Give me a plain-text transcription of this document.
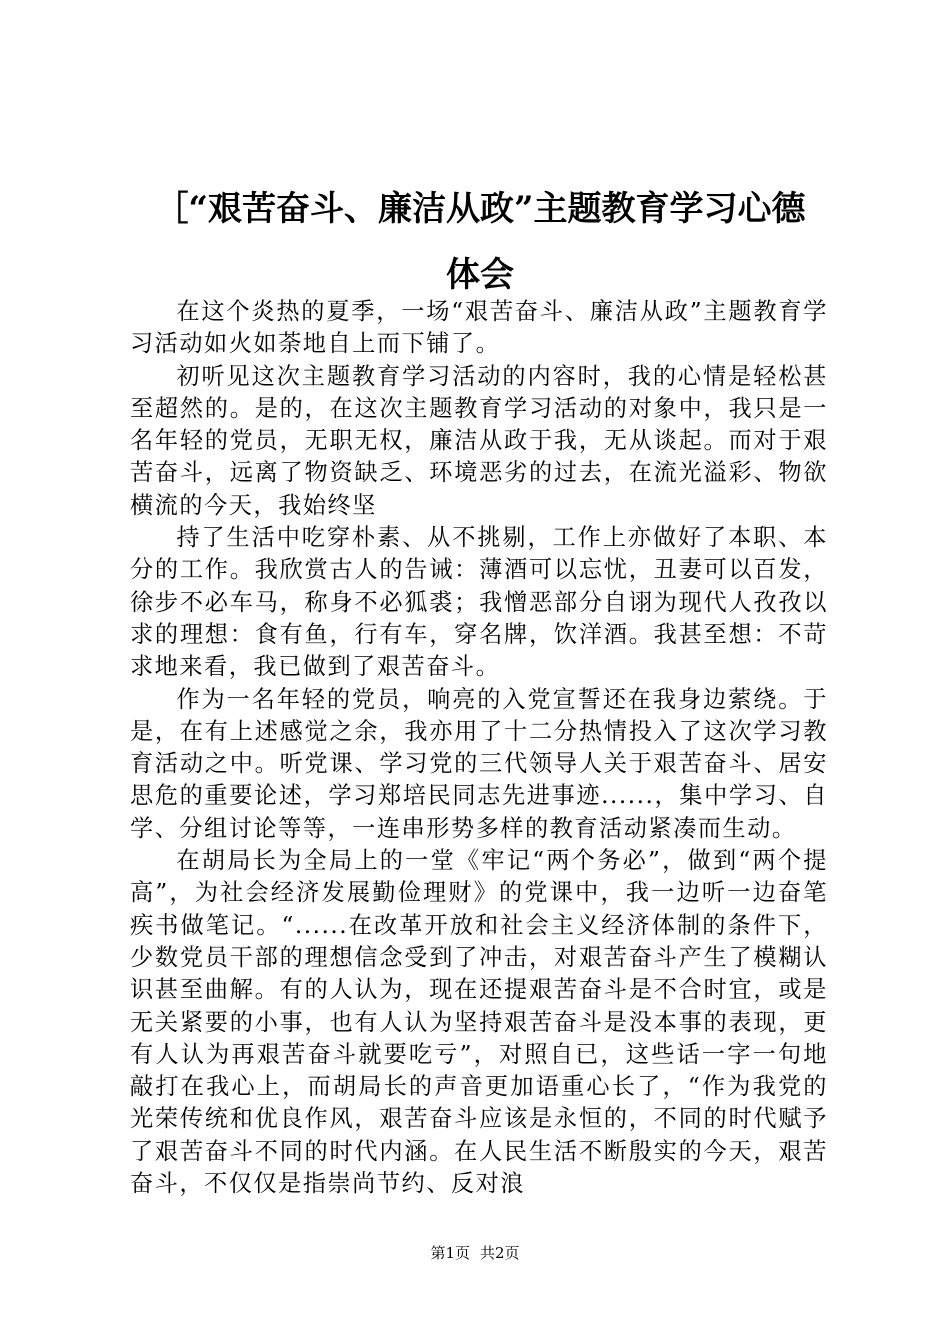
［“艰苦奋斗、廉洁从政”主题教育学习心德
体会

在这个炎热的夏季，一场“艰苦奋斗、廉洁从政”主题教育学习活动如火如荼地自上而下铺了。

初听见这次主题教育学习活动的内容时，我的心情是轻松甚至超然的。是的，在这次主题教育学习活动的对象中，我只是一名年轻的党员，无职无权，廉洁从政于我，无从谈起。而对于艰苦奋斗，远离了物资缺乏、环境恶劣的过去，在流光溢彩、物欲横流的今天，我始终坚

持了生活中吃穿朴素、从不挑剔，工作上亦做好了本职、本分的工作。我欣赏古人的告诫：薄酒可以忘忧，丑妻可以百发，徐步不必车马，称身不必狐裘；我憎恶部分自诩为现代人孜孜以求的理想：食有鱼，行有车，穿名牌，饮洋酒。我甚至想：不苛求地来看，我已做到了艰苦奋斗。

作为一名年轻的党员，响亮的入党宣誓还在我身边萦绕。于是，在有上述感觉之余，我亦用了十二分热情投入了这次学习教育活动之中。听党课、学习党的三代领导人关于艰苦奋斗、居安思危的重要论述，学习郑培民同志先进事迹......，集中学习、自学、分组讨论等等，一连串形势多样的教育活动紧凑而生动。

在胡局长为全局上的一堂《牢记“两个务必”，做到“两个提高”，为社会经济发展勤俭理财》的党课中，我一边听一边奋笔疾书做笔记。“......在改革开放和社会主义经济体制的条件下，少数党员干部的理想信念受到了冲击，对艰苦奋斗产生了模糊认识甚至曲解。有的人认为，现在还提艰苦奋斗是不合时宜，或是无关紧要的小事，也有人认为坚持艰苦奋斗是没本事的表现，更有人认为再艰苦奋斗就要吃亏”，对照自已，这些话一字一句地敲打在我心上，而胡局长的声音更加语重心长了，“作为我党的光荣传统和优良作风，艰苦奋斗应该是永恒的，不同的时代赋予了艰苦奋斗不同的时代内涵。在人民生活不断殷实的今天，艰苦奋斗，不仅仅是指崇尚节约、反对浪

第1页 共2页
